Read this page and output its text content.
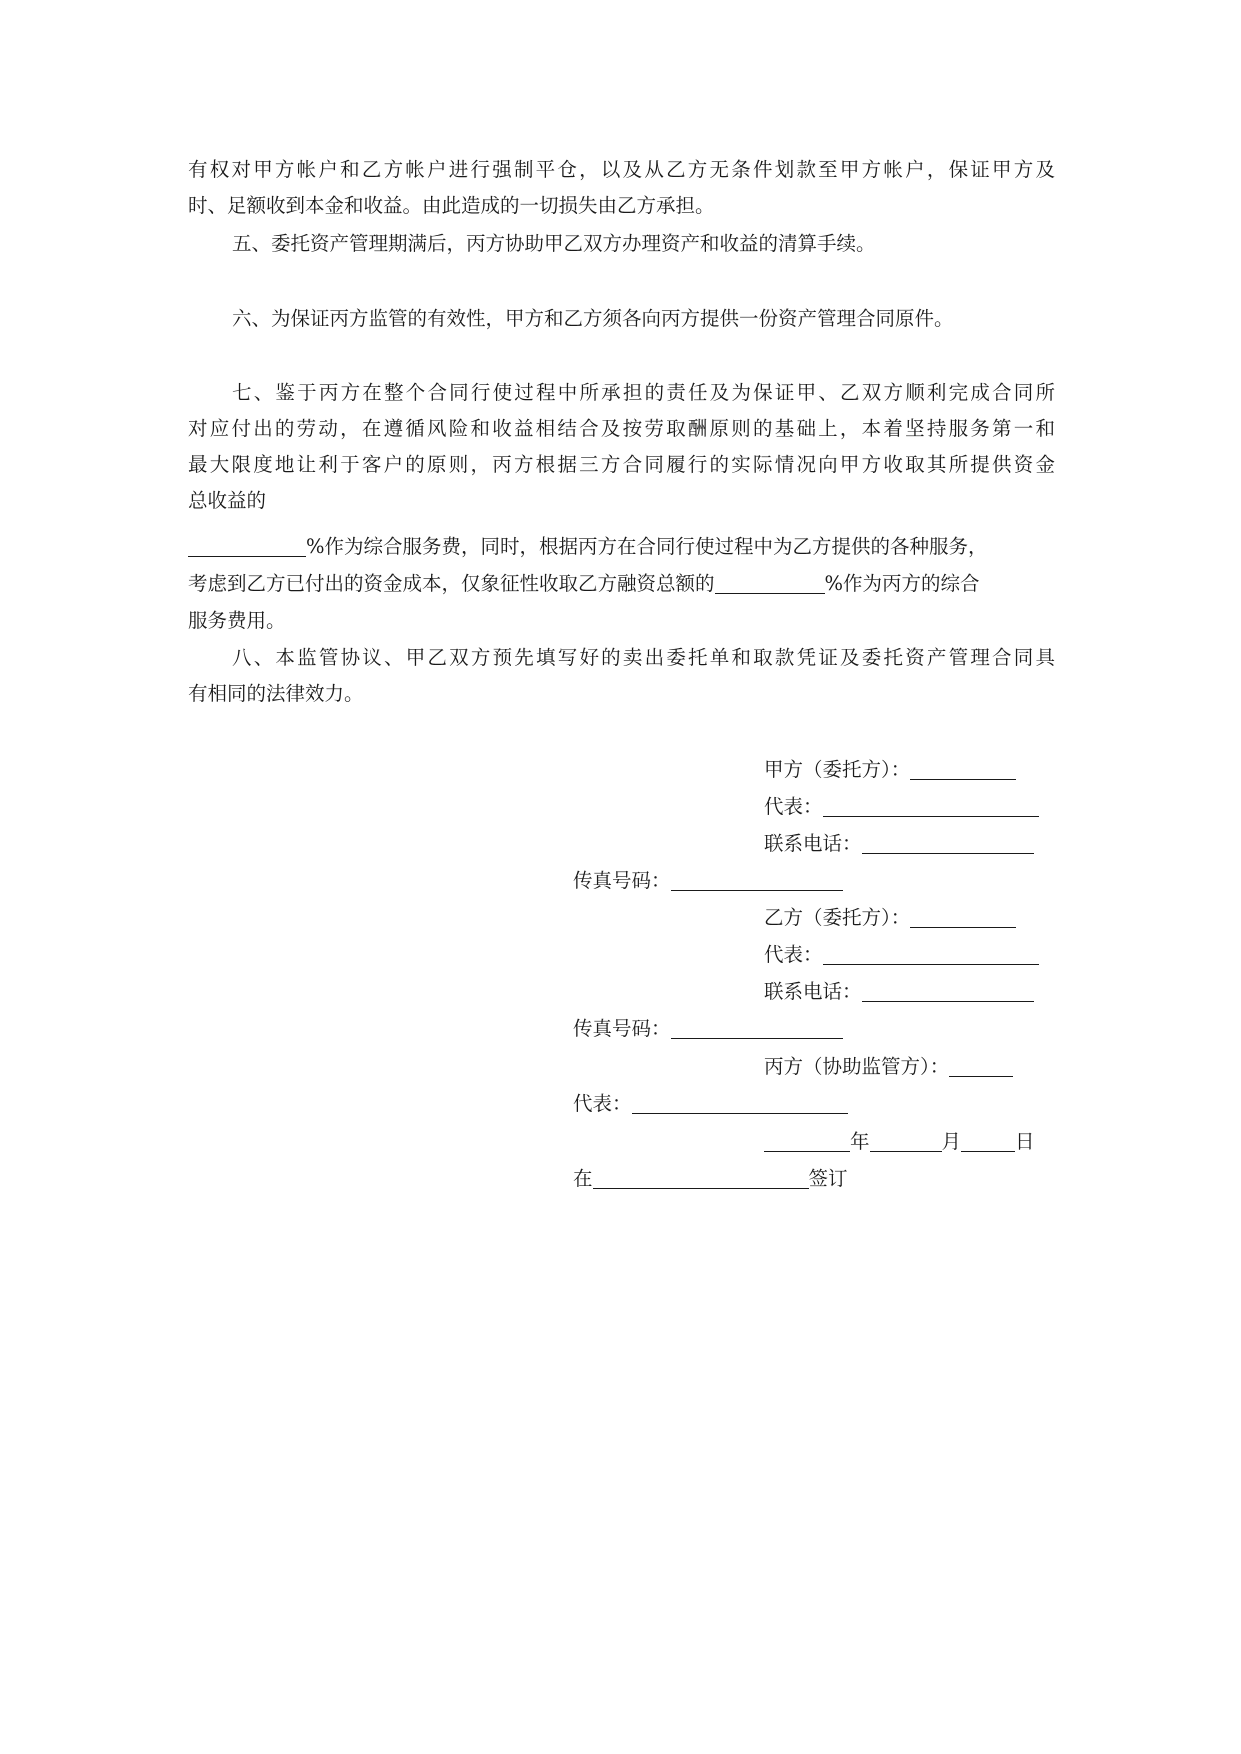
有权对甲方帐户和乙方帐户进行强制平仓，以及从乙方无条件划款至甲方帐户，保证甲方及
时、足额收到本金和收益。由此造成的一切损失由乙方承担。
五、委托资产管理期满后，丙方协助甲乙双方办理资产和收益的清算手续。
六、为保证丙方监管的有效性，甲方和乙方须各向丙方提供一份资产管理合同原件。
七、鉴于丙方在整个合同行使过程中所承担的责任及为保证甲、乙双方顺利完成合同所
对应付出的劳动，在遵循风险和收益相结合及按劳取酬原则的基础上，本着坚持服务第一和
最大限度地让利于客户的原则，丙方根据三方合同履行的实际情况向甲方收取其所提供资金
总收益的
%作为综合服务费，同时，根据丙方在合同行使过程中为乙方提供的各种服务，
考虑到乙方已付出的资金成本，仅象征性收取乙方融资总额的	%作为丙方的综合
服务费用。
八、本监管协议、甲乙双方预先填写好的卖出委托单和取款凭证及委托资产管理合同具
有相同的法律效力。
甲方（委托方）：
代表：
联系电话：
传真号码：
乙方（委托方）：
代表：
联系电话：
传真号码：
丙方（协助监管方）：
代表：
年	月	日
在	签订
